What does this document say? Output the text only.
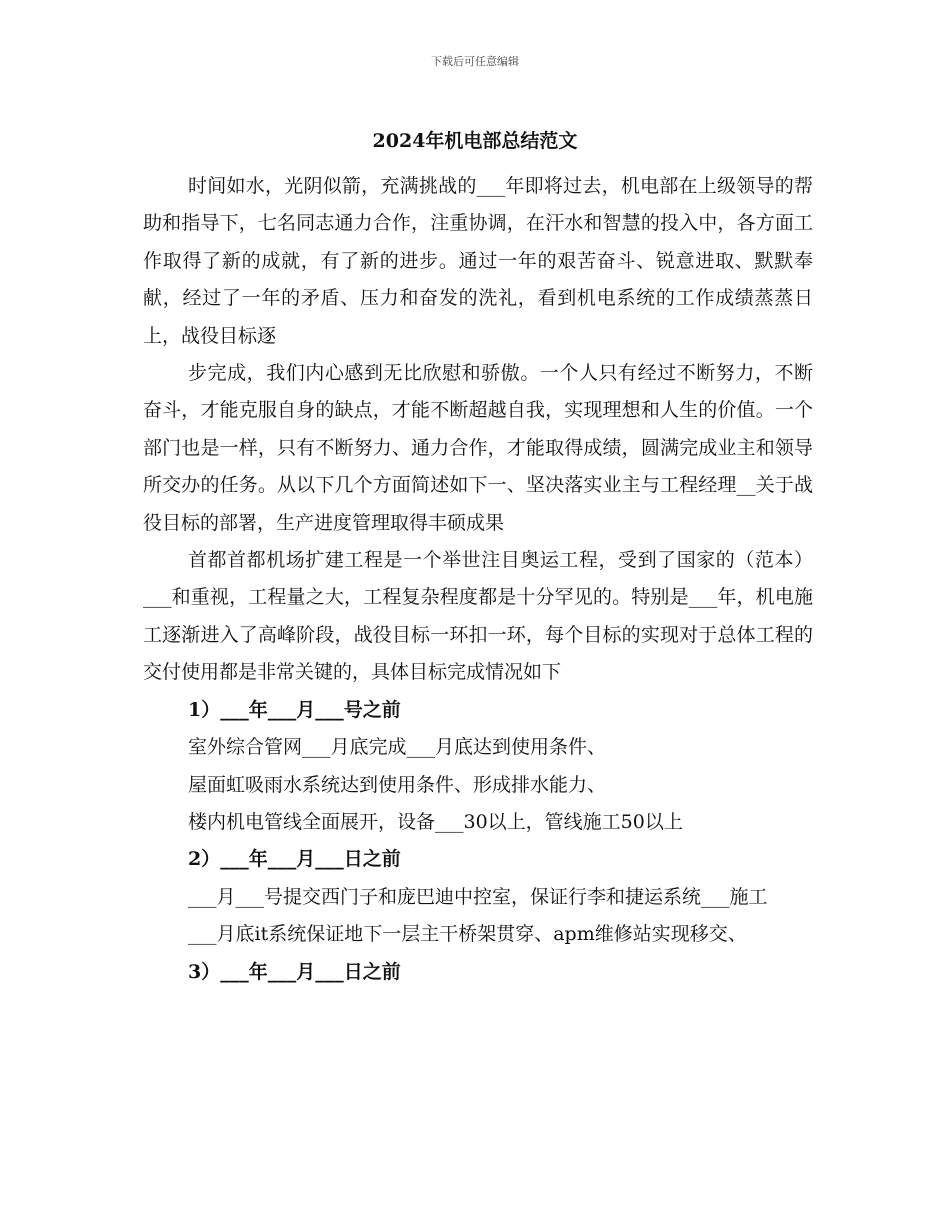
下载后可任意编辑
2024年机电部总结范文

时间如水，光阴似箭，充满挑战的___年即将过去，机电部在上级领导的帮助和指导下，七名同志通力合作，注重协调，在汗水和智慧的投入中，各方面工作取得了新的成就，有了新的进步。通过一年的艰苦奋斗、锐意进取、默默奉献，经过了一年的矛盾、压力和奋发的洗礼，看到机电系统的工作成绩蒸蒸日上，战役目标逐

步完成，我们内心感到无比欣慰和骄傲。一个人只有经过不断努力，不断奋斗，才能克服自身的缺点，才能不断超越自我，实现理想和人生的价值。一个部门也是一样，只有不断努力、通力合作，才能取得成绩，圆满完成业主和领导所交办的任务。从以下几个方面简述如下一、坚决落实业主与工程经理__关于战役目标的部署，生产进度管理取得丰硕成果

首都首都机场扩建工程是一个举世注目奥运工程，受到了国家的（范本）___和重视，工程量之大，工程复杂程度都是十分罕见的。特别是___年，机电施工逐渐进入了高峰阶段，战役目标一环扣一环，每个目标的实现对于总体工程的交付使用都是非常关键的，具体目标完成情况如下

1）___年___月___号之前

室外综合管网___月底完成___月底达到使用条件、

屋面虹吸雨水系统达到使用条件、形成排水能力、

楼内机电管线全面展开，设备___30以上，管线施工50以上

2）___年___月___日之前

___月___号提交西门子和庞巴迪中控室，保证行李和捷运系统___施工

___月底it系统保证地下一层主干桥架贯穿、apm维修站实现移交、

3）___年___月___日之前
